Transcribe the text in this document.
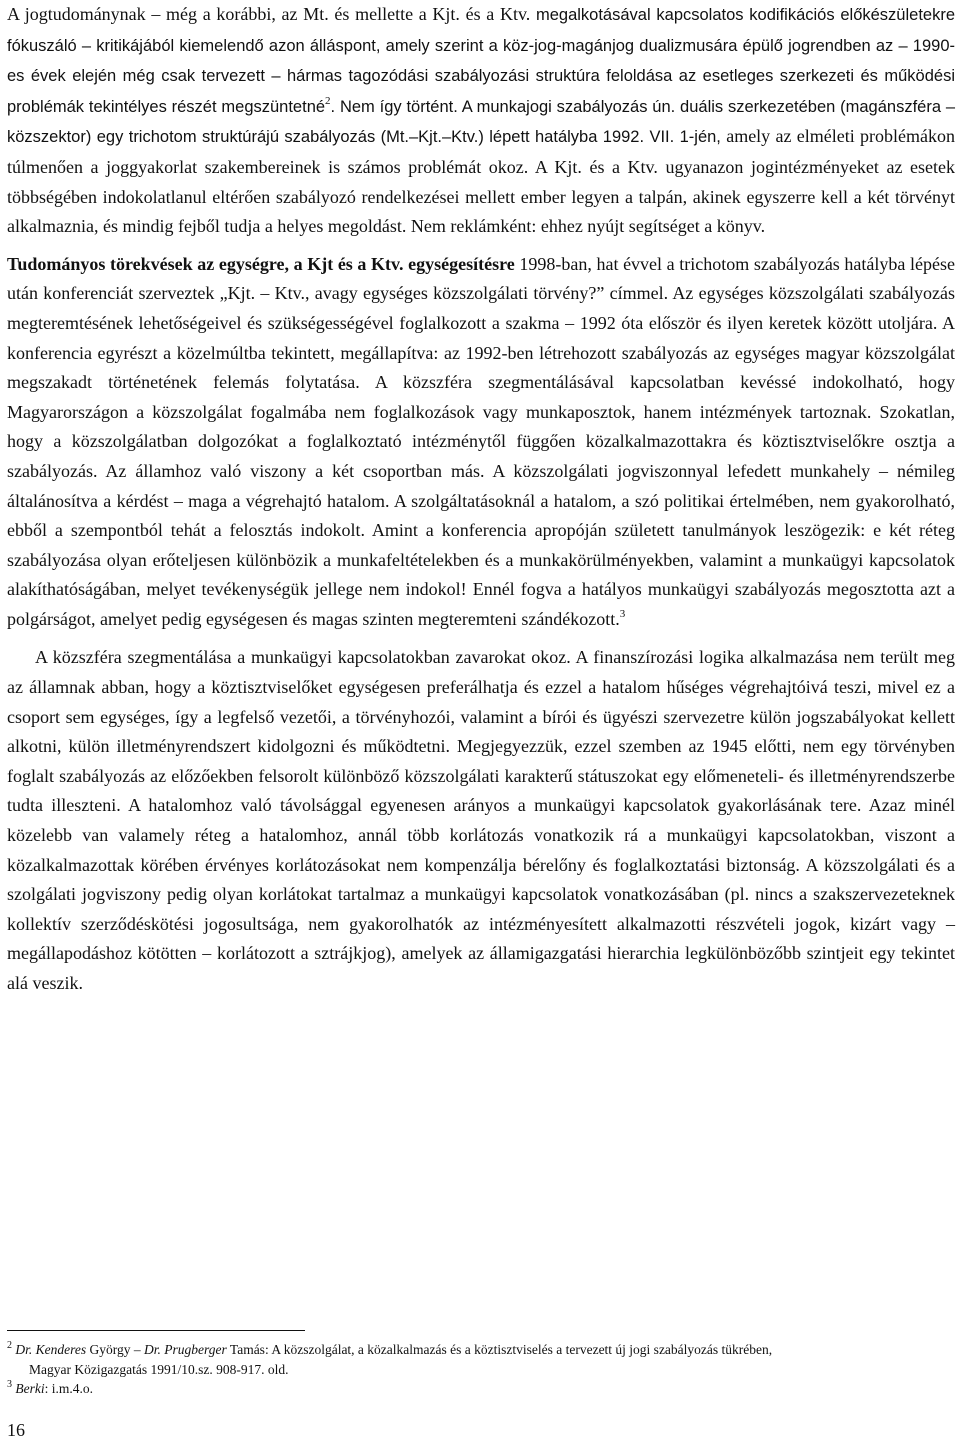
A jogtudománynak – még a korábbi, az Mt. és mellette a Kjt. és a Ktv. megalkotásával kapcsolatos kodifikációs előkészületekre fókuszáló – kritikájából kiemelendő azon álláspont, amely szerint a köz-jog-magánjog dualizmusára épülő jogrendben az – 1990-es évek elején még csak tervezett – hármas tagozódási szabályozási struktúra feloldása az esetleges szerkezeti és működési problémák tekintélyes részét megszüntetné$^2$. Nem így történt. A munkajogi szabályozás ún. duális szerkezetében (magánszféra – közszektor) egy trichotom struktúrájú szabályozás (Mt.–Kjt.–Ktv.) lépett hatályba 1992. VII. 1-jén, amely az elméleti problémákon túlmenően a joggyakorlat szakembereinek is számos problémát okoz. A Kjt. és a Ktv. ugyanazon jogintézményeket az esetek többségében indokolatlanul eltérően szabályozó rendelkezései mellett ember legyen a talpán, akinek egyszerre kell a két törvényt alkalmaznia, és mindig fejből tudja a helyes megoldást. Nem reklámként: ehhez nyújt segítséget a könyv.

Tudományos törekvések az egységre, a Kjt és a Ktv. egységesítésre 1998-ban, hat évvel a trichotom szabályozás hatályba lépése után konferenciát szerveztek „Kjt. – Ktv., avagy egységes közszolgálati törvény?” címmel. Az egységes közszolgálati szabályozás megteremtésének lehetőségeivel és szükségességével foglalkozott a szakma – 1992 óta először és ilyen keretek között utoljára. A konferencia egyrészt a közelmúltba tekintett, megállapítva: az 1992-ben létrehozott szabályozás az egységes magyar közszolgálat megszakadt történetének felemás folytatása. A közszféra szegmentálásával kapcsolatban kevéssé indokolható, hogy Magyarországon a közszolgálat fogalmába nem foglalkozások vagy munkaposztok, hanem intézmények tartoznak. Szokatlan, hogy a közszolgálatban dolgozókat a foglalkoztató intézménytől függően közalkalmazottakra és köztisztviselőkre osztja a szabályozás. Az államhoz való viszony a két csoportban más. A közszolgálati jogviszonnyal lefedett munkahely – némileg általánosítva a kérdést – maga a végrehajtó hatalom. A szolgáltatásoknál a hatalom, a szó politikai értelmében, nem gyakorolható, ebből a szempontból tehát a felosztás indokolt. Amint a konferencia apropóján született tanulmányok leszögezik: e két réteg szabályozása olyan erőteljesen különbözik a munkafeltételekben és a munkakörülményekben, valamint a munkaügyi kapcsolatok alakíthatóságában, melyet tevékenységük jellege nem indokol! Ennél fogva a hatályos munkaügyi szabályozás megosztotta azt a polgárságot, amelyet pedig egységesen és magas szinten megteremteni szándékozott.$^3$

A közszféra szegmentálása a munkaügyi kapcsolatokban zavarokat okoz. A finanszírozási logika alkalmazása nem terült meg az államnak abban, hogy a köztisztviselőket egységesen preferálhatja és ezzel a hatalom hűséges végrehajtóivá teszi, mivel ez a csoport sem egységes, így a legfelső vezetői, a törvényhozói, valamint a bírói és ügyészi szervezetre külön jogszabályokat kellett alkotni, külön illetményrendszert kidolgozni és működtetni. Megjegyezzük, ezzel szemben az 1945 előtti, nem egy törvényben foglalt szabályozás az előzőekben felsorolt különböző közszolgálati karakterű státuszokat egy előmeneteli- és illetményrendszerbe tudta illeszteni. A hatalomhoz való távolsággal egyenesen arányos a munkaügyi kapcsolatok gyakorlásának tere. Azaz minél közelebb van valamely réteg a hatalomhoz, annál több korlátozás vonatkozik rá a munkaügyi kapcsolatokban, viszont a közalkalmazottak körében érvényes korlátozásokat nem kompenzálja bérelőny és foglalkoztatási biztonság. A közszolgálati és a szolgálati jogviszony pedig olyan korlátokat tartalmaz a munkaügyi kapcsolatok vonatkozásában (pl. nincs a szakszervezeteknek kollektív szerződéskötési jogosultsága, nem gyakorolhatók az intézményesített alkalmazotti részvételi jogok, kizárt vagy – megállapodáshoz kötötten – korlátozott a sztrájkjog), amelyek az államigazgatási hierarchia legkülönbözőbb szintjeit egy tekintet alá veszik.

$^2$ Dr. Kenderes György – Dr. Prugberger Tamás: A közszolgálat, a közalkalmazás és a köztisztviselés a tervezett új jogi szabályozás tükrében,

Magyar Közigazgatás 1991/10.sz. 908-917. old.

$^3$ Berki: i.m.4.o.

16
